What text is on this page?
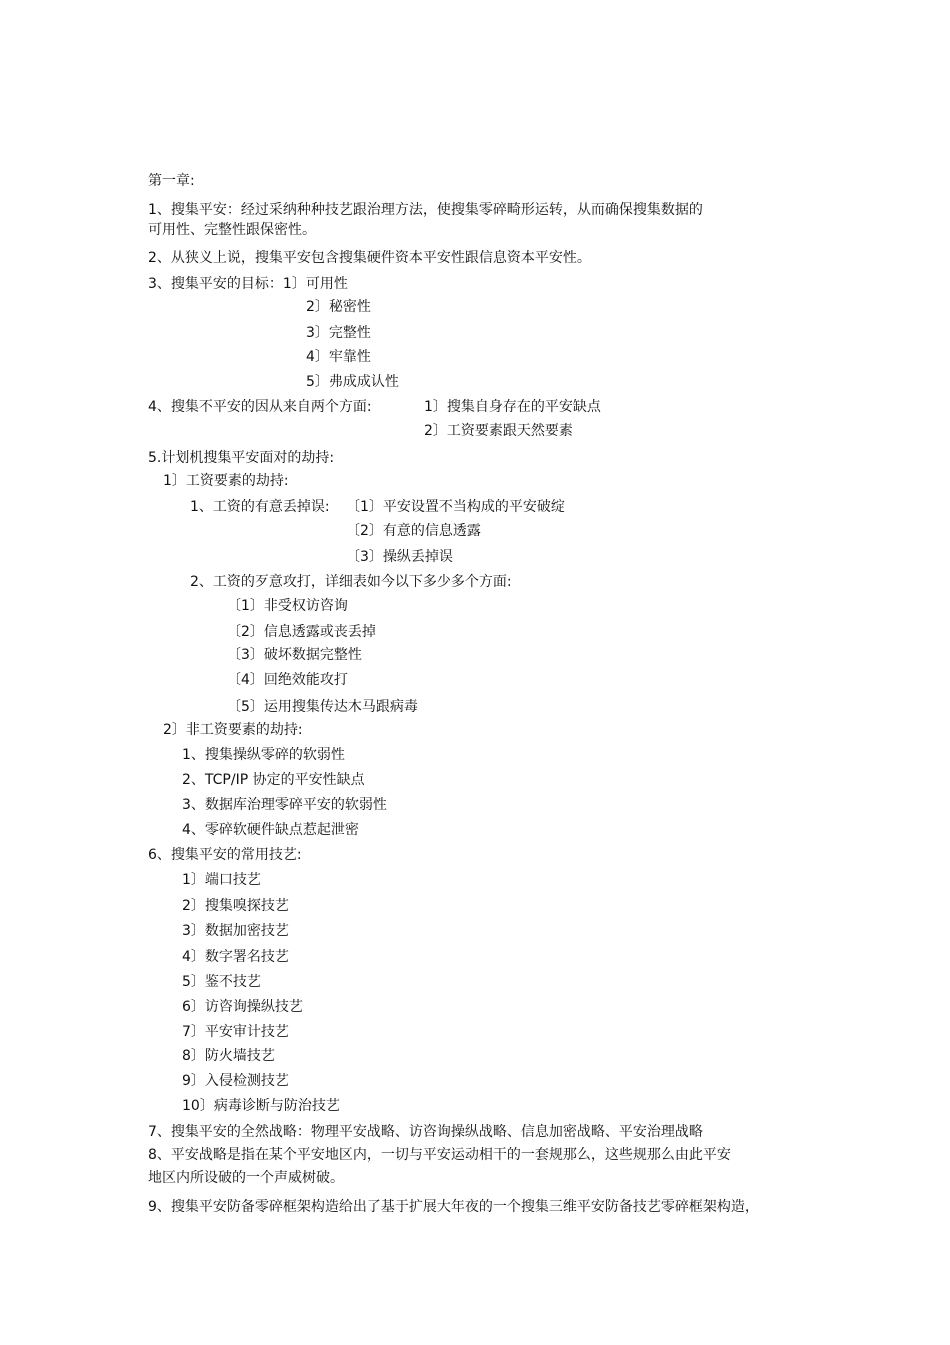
第一章:
1、搜集平安：经过采纳种种技艺跟治理方法，使搜集零碎畸形运转，从而确保搜集数据的
可用性、完整性跟保密性。
2、从狭义上说，搜集平安包含搜集硬件资本平安性跟信息资本平安性。
3、搜集平安的目标：1〕可用性
2〕秘密性
3〕完整性
4〕牢靠性
5〕弗成成认性
4、搜集不平安的因从来自两个方面:	1〕搜集自身存在的平安缺点
2〕工资要素跟天然要素
5.计划机搜集平安面对的劫持:
1〕工资要素的劫持:
1、工资的有意丢掉误: 〔1〕平安设置不当构成的平安破绽
〔2〕有意的信息透露
〔3〕操纵丢掉误
2、工资的歹意攻打，详细表如今以下多少多个方面:
〔1〕非受权访咨询
〔2〕信息透露或丧丢掉
〔3〕破坏数据完整性
〔4〕回绝效能攻打
〔5〕运用搜集传达木马跟病毒
2〕非工资要素的劫持:
1、搜集操纵零碎的软弱性
2、TCP/IP 协定的平安性缺点
3、数据库治理零碎平安的软弱性
4、零碎软硬件缺点惹起泄密
6、搜集平安的常用技艺:
1〕端口技艺
2〕搜集嗅探技艺
3〕数据加密技艺
4〕数字署名技艺
5〕鉴不技艺
6〕访咨询操纵技艺
7〕平安审计技艺
8〕防火墙技艺
9〕入侵检测技艺
10〕病毒诊断与防治技艺
7、搜集平安的全然战略：物理平安战略、访咨询操纵战略、信息加密战略、平安治理战略
8、平安战略是指在某个平安地区内，一切与平安运动相干的一套规那么，这些规那么由此平安
地区内所设破的一个声威树破。
9、搜集平安防备零碎框架构造给出了基于扩展大年夜的一个搜集三维平安防备技艺零碎框架构造，
